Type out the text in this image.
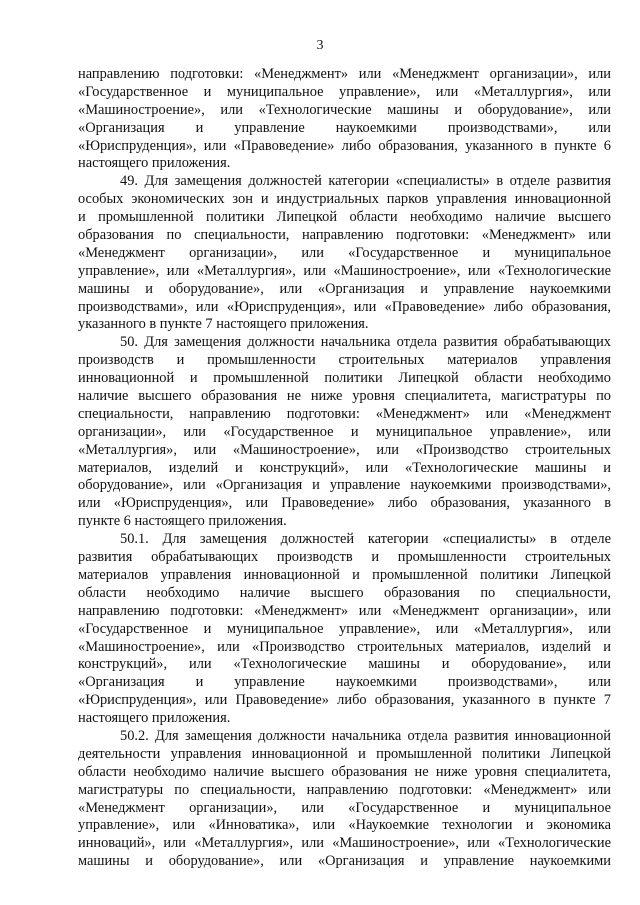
3
направлению подготовки: «Менеджмент» или «Менеджмент организации», или
«Государственное и муниципальное управление», или «Металлургия», или
«Машиностроение», или «Технологические машины и оборудование», или
«Организация и управление наукоемкими производствами», или
«Юриспруденция», или «Правоведение» либо образования, указанного в пункте 6
настоящего приложения.
49. Для замещения должностей категории «специалисты» в отделе развития
особых экономических зон и индустриальных парков управления инновационной
и промышленной политики Липецкой области необходимо наличие высшего
образования по специальности, направлению подготовки: «Менеджмент» или
«Менеджмент организации», или «Государственное и муниципальное
управление», или «Металлургия», или «Машиностроение», или «Технологические
машины и оборудование», или «Организация и управление наукоемкими
производствами», или «Юриспруденция», или «Правоведение» либо образования,
указанного в пункте 7 настоящего приложения.
50. Для замещения должности начальника отдела развития обрабатывающих
производств и промышленности строительных материалов управления
инновационной и промышленной политики Липецкой области необходимо
наличие высшего образования не ниже уровня специалитета, магистратуры по
специальности, направлению подготовки: «Менеджмент» или «Менеджмент
организации», или «Государственное и муниципальное управление», или
«Металлургия», или «Машиностроение», или «Производство строительных
материалов, изделий и конструкций», или «Технологические машины и
оборудование», или «Организация и управление наукоемкими производствами»,
или «Юриспруденция», или Правоведение» либо образования, указанного в
пункте 6 настоящего приложения.
50.1. Для замещения должностей категории «специалисты» в отделе
развития обрабатывающих производств и промышленности строительных
материалов управления инновационной и промышленной политики Липецкой
области необходимо наличие высшего образования по специальности,
направлению подготовки: «Менеджмент» или «Менеджмент организации», или
«Государственное и муниципальное управление», или «Металлургия», или
«Машиностроение», или «Производство строительных материалов, изделий и
конструкций», или «Технологические машины и оборудование», или
«Организация и управление наукоемкими производствами», или
«Юриспруденция», или Правоведение» либо образования, указанного в пункте 7
настоящего приложения.
50.2. Для замещения должности начальника отдела развития инновационной
деятельности управления инновационной и промышленной политики Липецкой
области необходимо наличие высшего образования не ниже уровня специалитета,
магистратуры по специальности, направлению подготовки: «Менеджмент» или
«Менеджмент организации», или «Государственное и муниципальное
управление», или «Инноватика», или «Наукоемкие технологии и экономика
инноваций», или «Металлургия», или «Машиностроение», или «Технологические
машины и оборудование», или «Организация и управление наукоемкими
